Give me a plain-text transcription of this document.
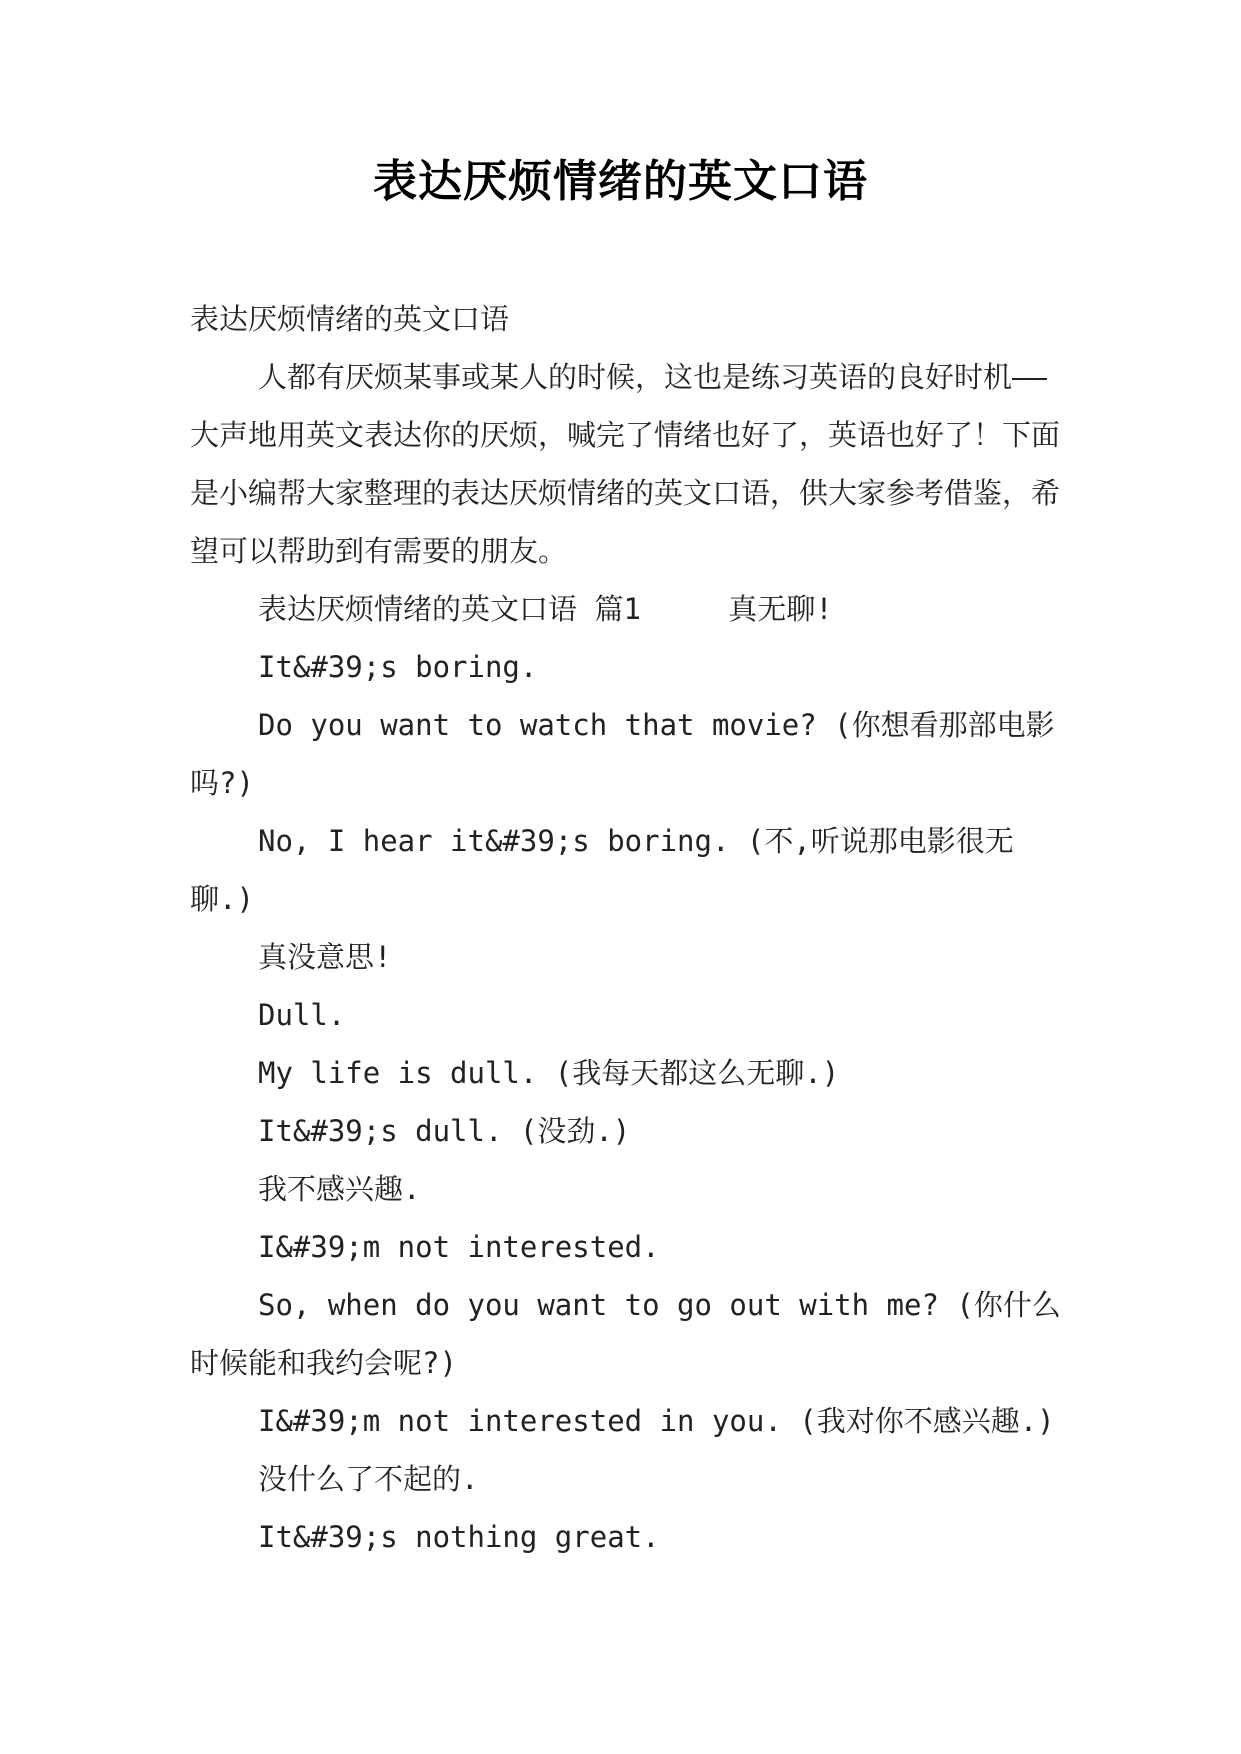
表达厌烦情绪的英文口语

表达厌烦情绪的英文口语

人都有厌烦某事或某人的时候，这也是练习英语的良好时机——大声地用英文表达你的厌烦，喊完了情绪也好了，英语也好了！下面是小编帮大家整理的表达厌烦情绪的英文口语，供大家参考借鉴，希望可以帮助到有需要的朋友。

表达厌烦情绪的英文口语 篇1     真无聊!

It&#39;s boring.

Do you want to watch that movie? (你想看那部电影吗?)

No, I hear it&#39;s boring. (不,听说那电影很无聊.)

真没意思!

Dull.

My life is dull. (我每天都这么无聊.)

It&#39;s dull. (没劲.)

我不感兴趣.

I&#39;m not interested.

So, when do you want to go out with me? (你什么时候能和我约会呢?)

I&#39;m not interested in you. (我对你不感兴趣.)

没什么了不起的.

It&#39;s nothing great.
